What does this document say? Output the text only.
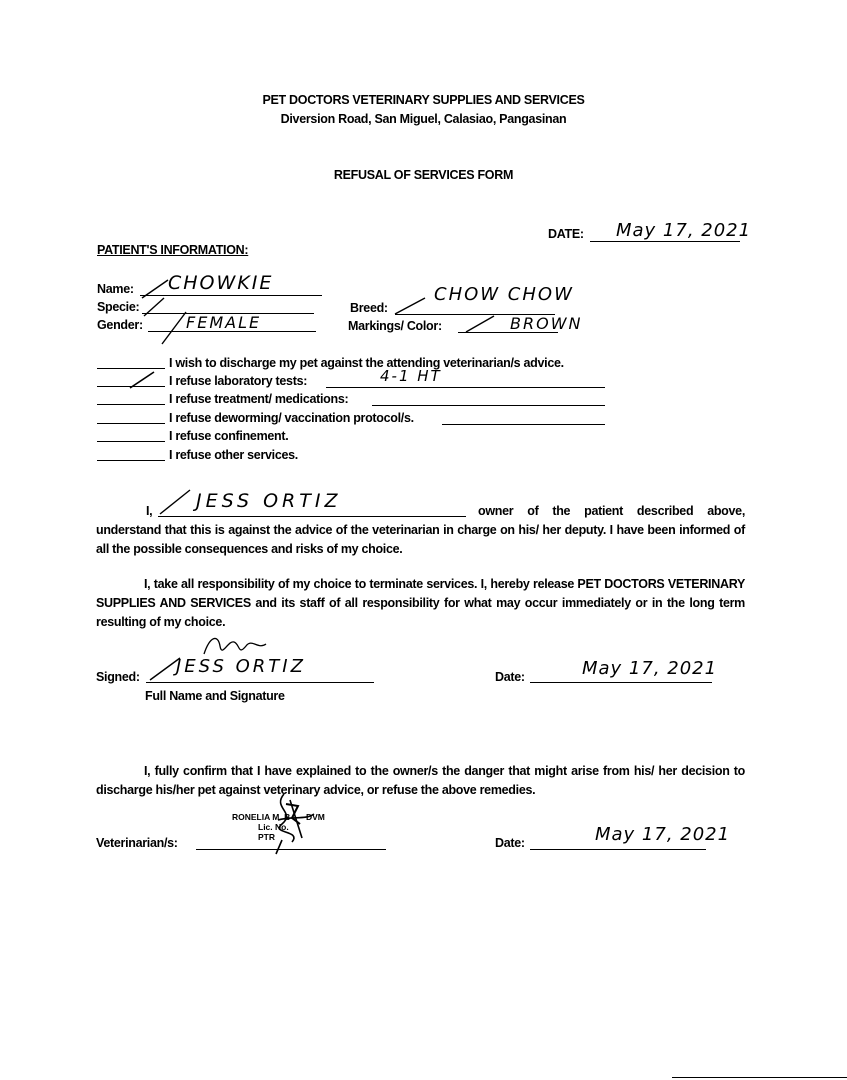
PET DOCTORS VETERINARY SUPPLIES AND SERVICES
Diversion Road, San Miguel, Calasiao, Pangasinan
REFUSAL OF SERVICES FORM
DATE: May 17, 2021
PATIENT'S INFORMATION:
Name: CHOWKIE
Specie:
Gender:	FEMALE
Breed:
CHOW CHOW
Markings/ Color:	BROWN
I wish to discharge my pet against the attending veterinarian/s advice.
I refuse laboratory tests:	4-1 HT
I refuse treatment/ medications:
I refuse deworming/ vaccination protocol/s.
I refuse confinement.
I refuse other services.
I, JESS ORTIZ	owner of the patient described above,
understand that this is against the advice of the veterinarian in charge on his/ her deputy. I have been informed of all the possible consequences and risks of my choice.
I, take all responsibility of my choice to terminate services. I, hereby release PET DOCTORS VETERINARY SUPPLIES AND SERVICES and its staff of all responsibility for what may occur immediately or in the long term resulting of my choice.
Signed: JESS ORTIZ
Full Name and Signature
Date:	May 17, 2021
I, fully confirm that I have explained to the owner/s the danger that might arise from his/ her decision to discharge his/her pet against veterinary advice, or refuse the above remedies.
RONELIA M. B
Lic. No.
PTR
DVM
Veterinarian/s:	Date:	May 17, 2021
